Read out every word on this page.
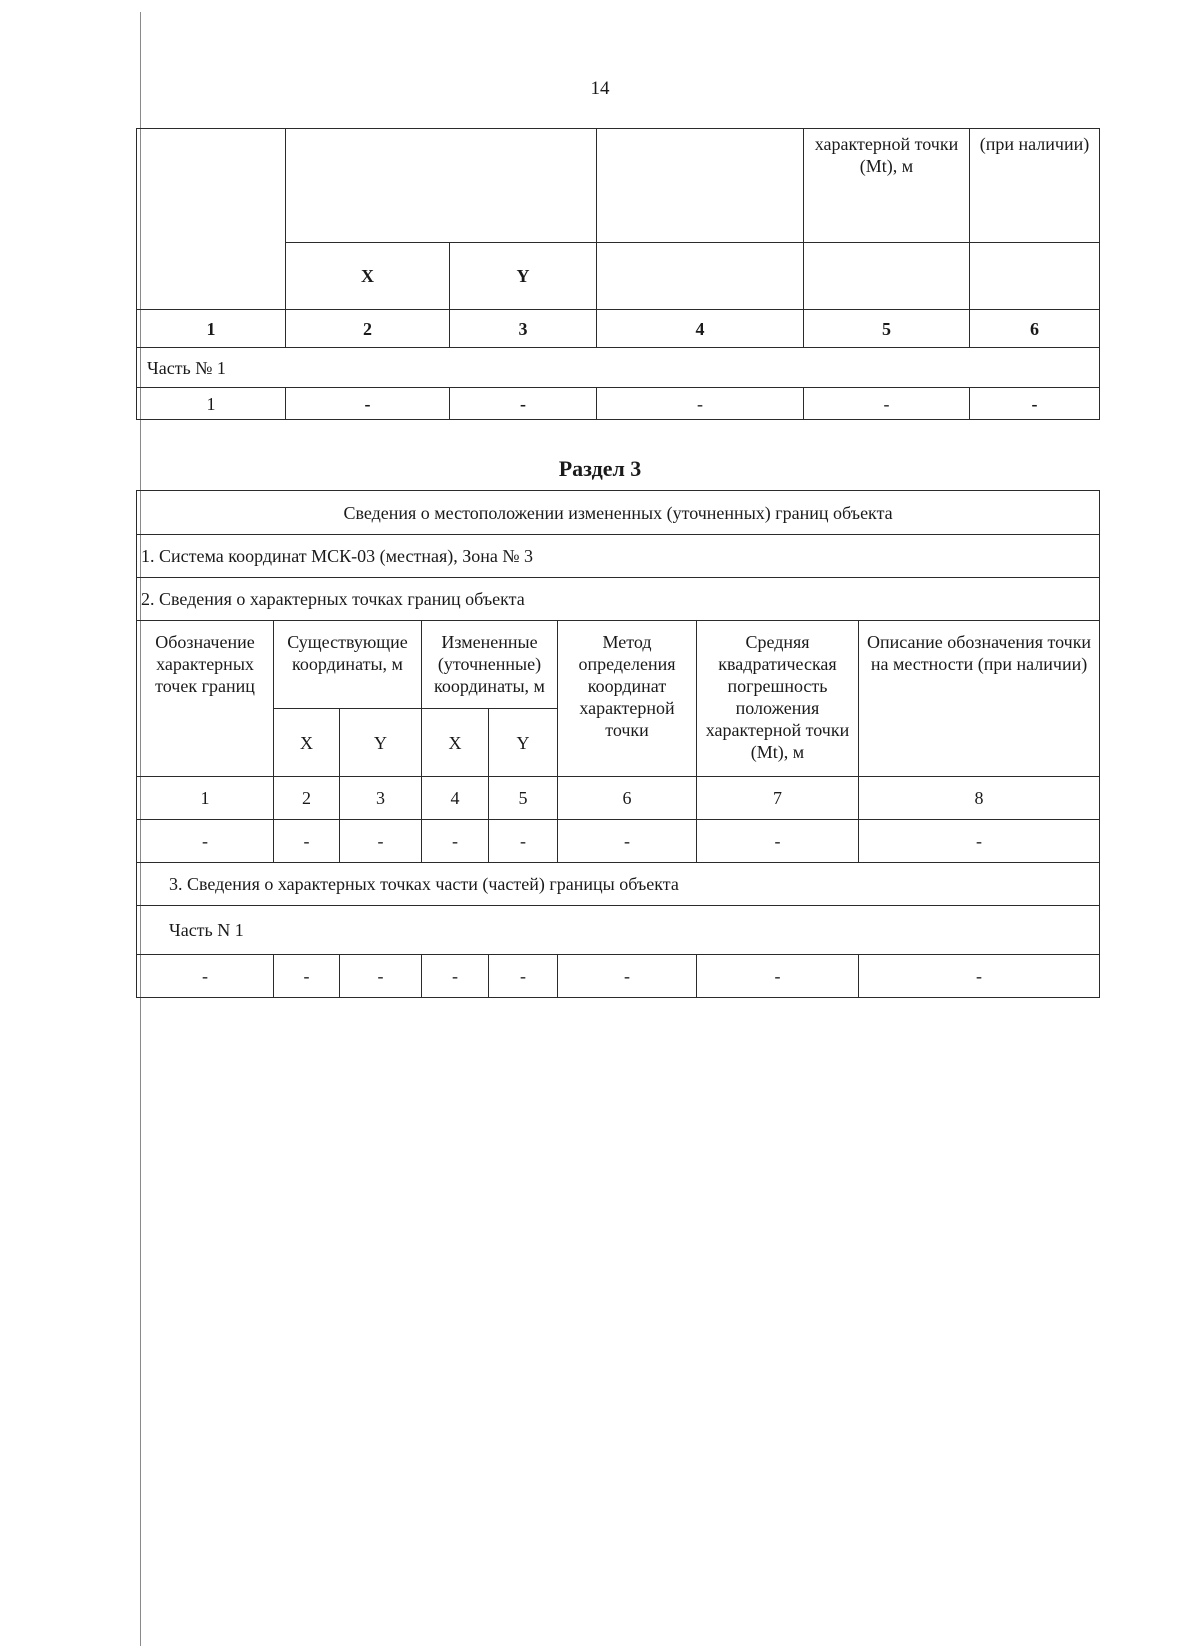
14
				характерной точки (Mt), м	(при наличии)
	X	Y			
1	2	3	4	5	6
Часть № 1					
1	-	-	-	-	-
Раздел 3
Сведения о местоположении измененных (уточненных) границ объекта							
1. Система координат МСК-03 (местная), Зона № 3							
2. Сведения о характерных точках границ объекта							
Обозначение характерных точек границ	Существующие координаты, м		Измененные (уточненные) координаты, м		Метод определения координат характерной точки	Средняя квадратическая погрешность положения характерной точки (Mt), м	Описание обозначения точки на местности (при наличии)
	X	Y	X	Y			
1	2	3	4	5	6	7	8
-	-	-	-	-	-	-	-
3. Сведения о характерных точках части (частей) границы объекта							
Часть N 1							
-	-	-	-	-	-	-	-
